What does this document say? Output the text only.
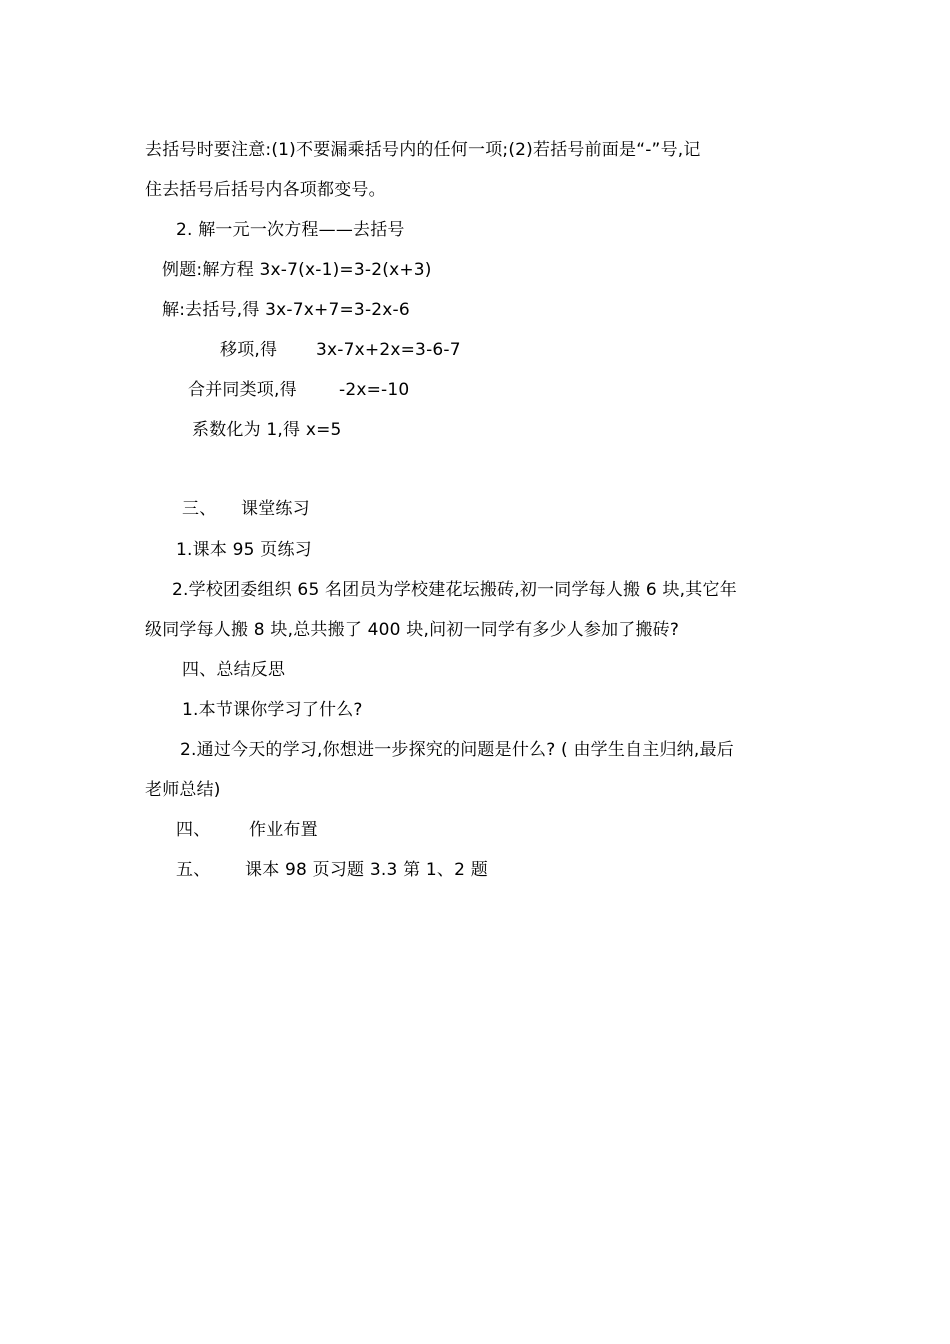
去括号时要注意:(1)不要漏乘括号内的任何一项;(2)若括号前面是“-”号,记
住去括号后括号内各项都变号。
2. 解一元一次方程——去括号
例题:解方程 3x-7(x-1)=3-2(x+3)
解:去括号,得 3x-7x+7=3-2x-6
移项,得 3x-7x+2x=3-6-7
合并同类项,得 -2x=-10
系数化为 1,得 x=5
三、 课堂练习
1.课本 95 页练习
2.学校团委组织 65 名团员为学校建花坛搬砖,初一同学每人搬 6 块,其它年
级同学每人搬 8 块,总共搬了 400 块,问初一同学有多少人参加了搬砖?
四、总结反思
1.本节课你学习了什么?
2.通过今天的学习,你想进一步探究的问题是什么? ( 由学生自主归纳,最后
老师总结)
四、 作业布置
五、 课本 98 页习题 3.3 第 1、2 题
